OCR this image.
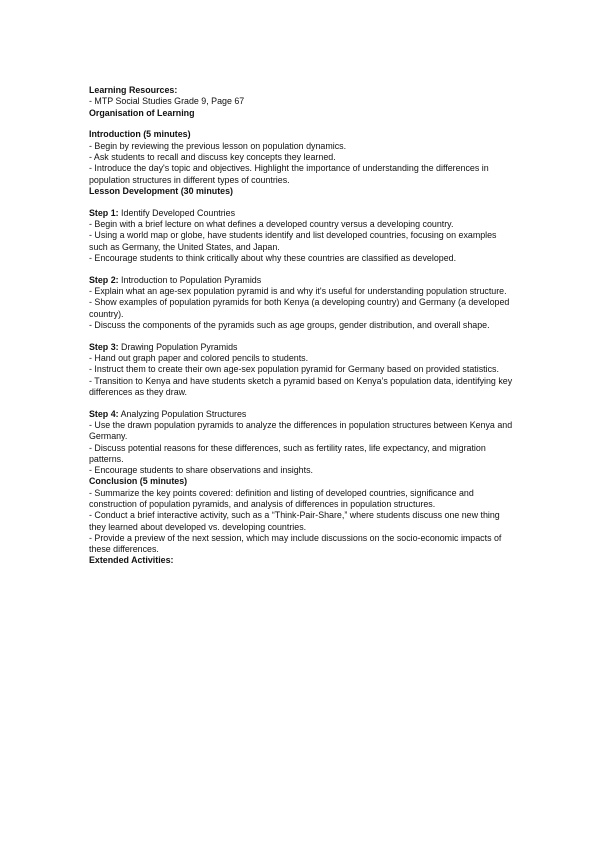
Learning Resources:

- MTP Social Studies Grade 9, Page 67

Organisation of Learning

Introduction (5 minutes)

- Begin by reviewing the previous lesson on population dynamics.

- Ask students to recall and discuss key concepts they learned.

- Introduce the day's topic and objectives. Highlight the importance of understanding the differences in population structures in different types of countries.

Lesson Development (30 minutes)

Step 1: Identify Developed Countries

- Begin with a brief lecture on what defines a developed country versus a developing country.

- Using a world map or globe, have students identify and list developed countries, focusing on examples such as Germany, the United States, and Japan.

- Encourage students to think critically about why these countries are classified as developed.

Step 2: Introduction to Population Pyramids

- Explain what an age-sex population pyramid is and why it's useful for understanding population structure.

- Show examples of population pyramids for both Kenya (a developing country) and Germany (a developed country).

- Discuss the components of the pyramids such as age groups, gender distribution, and overall shape.

Step 3: Drawing Population Pyramids

- Hand out graph paper and colored pencils to students.

- Instruct them to create their own age-sex population pyramid for Germany based on provided statistics.

- Transition to Kenya and have students sketch a pyramid based on Kenya’s population data, identifying key differences as they draw.

Step 4: Analyzing Population Structures

- Use the drawn population pyramids to analyze the differences in population structures between Kenya and Germany.

- Discuss potential reasons for these differences, such as fertility rates, life expectancy, and migration patterns.

- Encourage students to share observations and insights.

Conclusion (5 minutes)

- Summarize the key points covered: definition and listing of developed countries, significance and construction of population pyramids, and analysis of differences in population structures.

- Conduct a brief interactive activity, such as a “Think-Pair-Share,” where students discuss one new thing they learned about developed vs. developing countries.

- Provide a preview of the next session, which may include discussions on the socio-economic impacts of these differences.

Extended Activities:
